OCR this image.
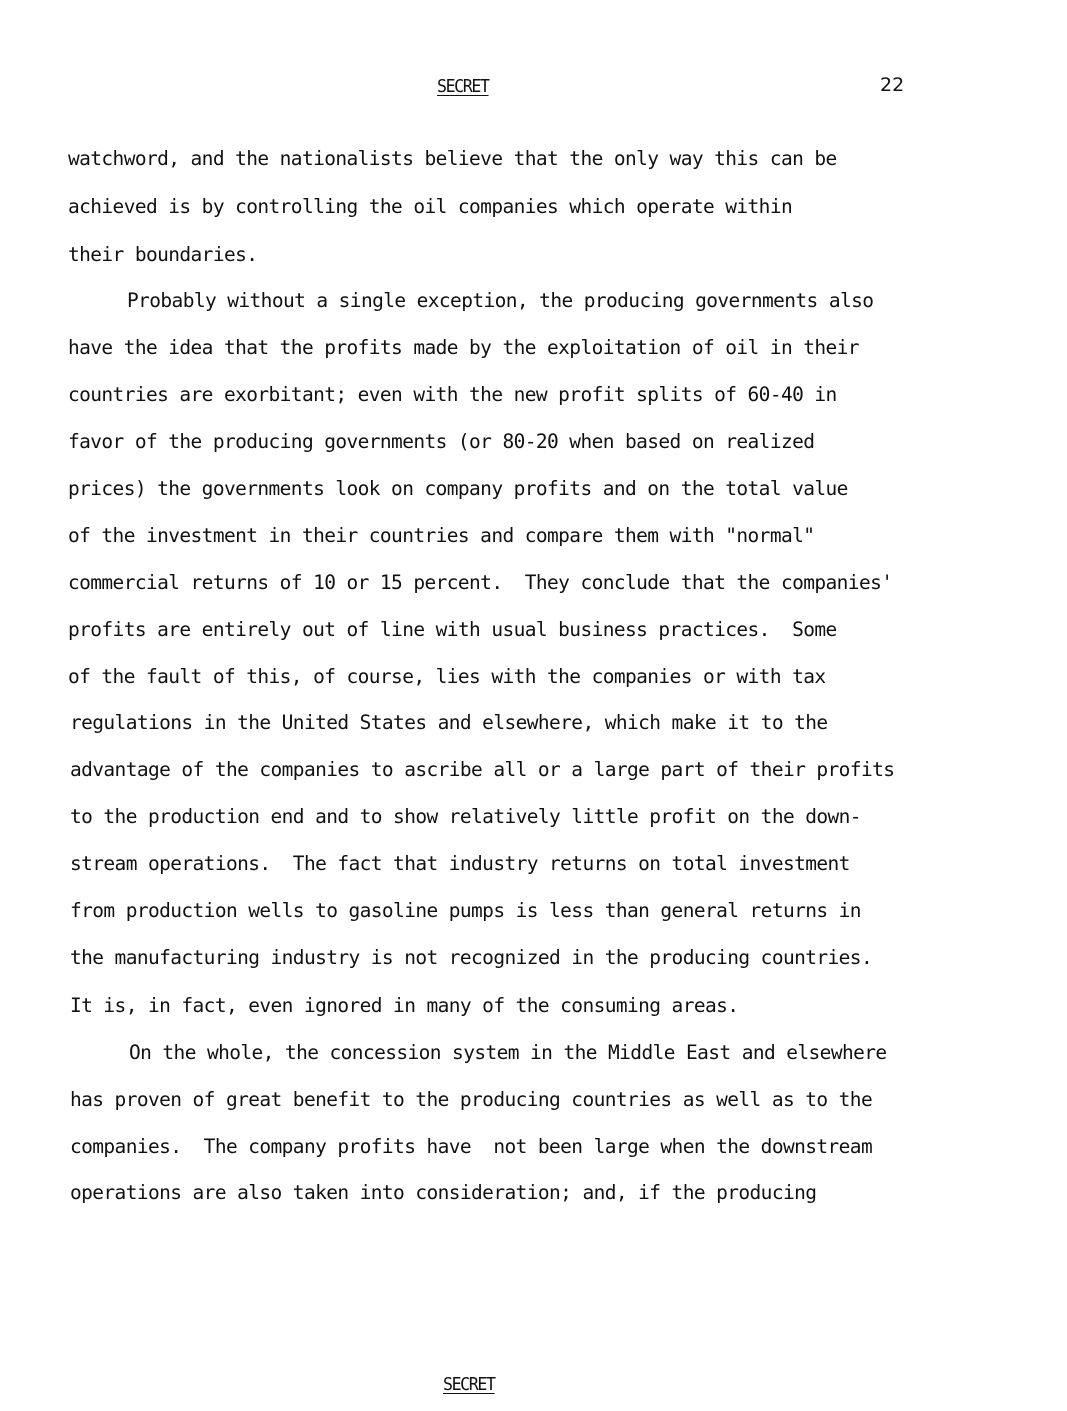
SECRET	22
watchword, and the nationalists believe that the only way this can be
achieved is by controlling the oil companies which operate within
their boundaries.
Probably without a single exception, the producing governments also
have the idea that the profits made by the exploitation of oil in their
countries are exorbitant; even with the new profit splits of 60-40 in
favor of the producing governments (or 80-20 when based on realized
prices) the governments look on company profits and on the total value
of the investment in their countries and compare them with "normal"
commercial returns of 10 or 15 percent.  They conclude that the companies'
profits are entirely out of line with usual business practices.  Some
of the fault of this, of course, lies with the companies or with tax
regulations in the United States and elsewhere, which make it to the
advantage of the companies to ascribe all or a large part of their profits
to the production end and to show relatively little profit on the down-
stream operations.  The fact that industry returns on total investment
from production wells to gasoline pumps is less than general returns in
the manufacturing industry is not recognized in the producing countries.
It is, in fact, even ignored in many of the consuming areas.
On the whole, the concession system in the Middle East and elsewhere
has proven of great benefit to the producing countries as well as to the
companies.  The company profits have  not been large when the downstream
operations are also taken into consideration; and, if the producing
SECRET
